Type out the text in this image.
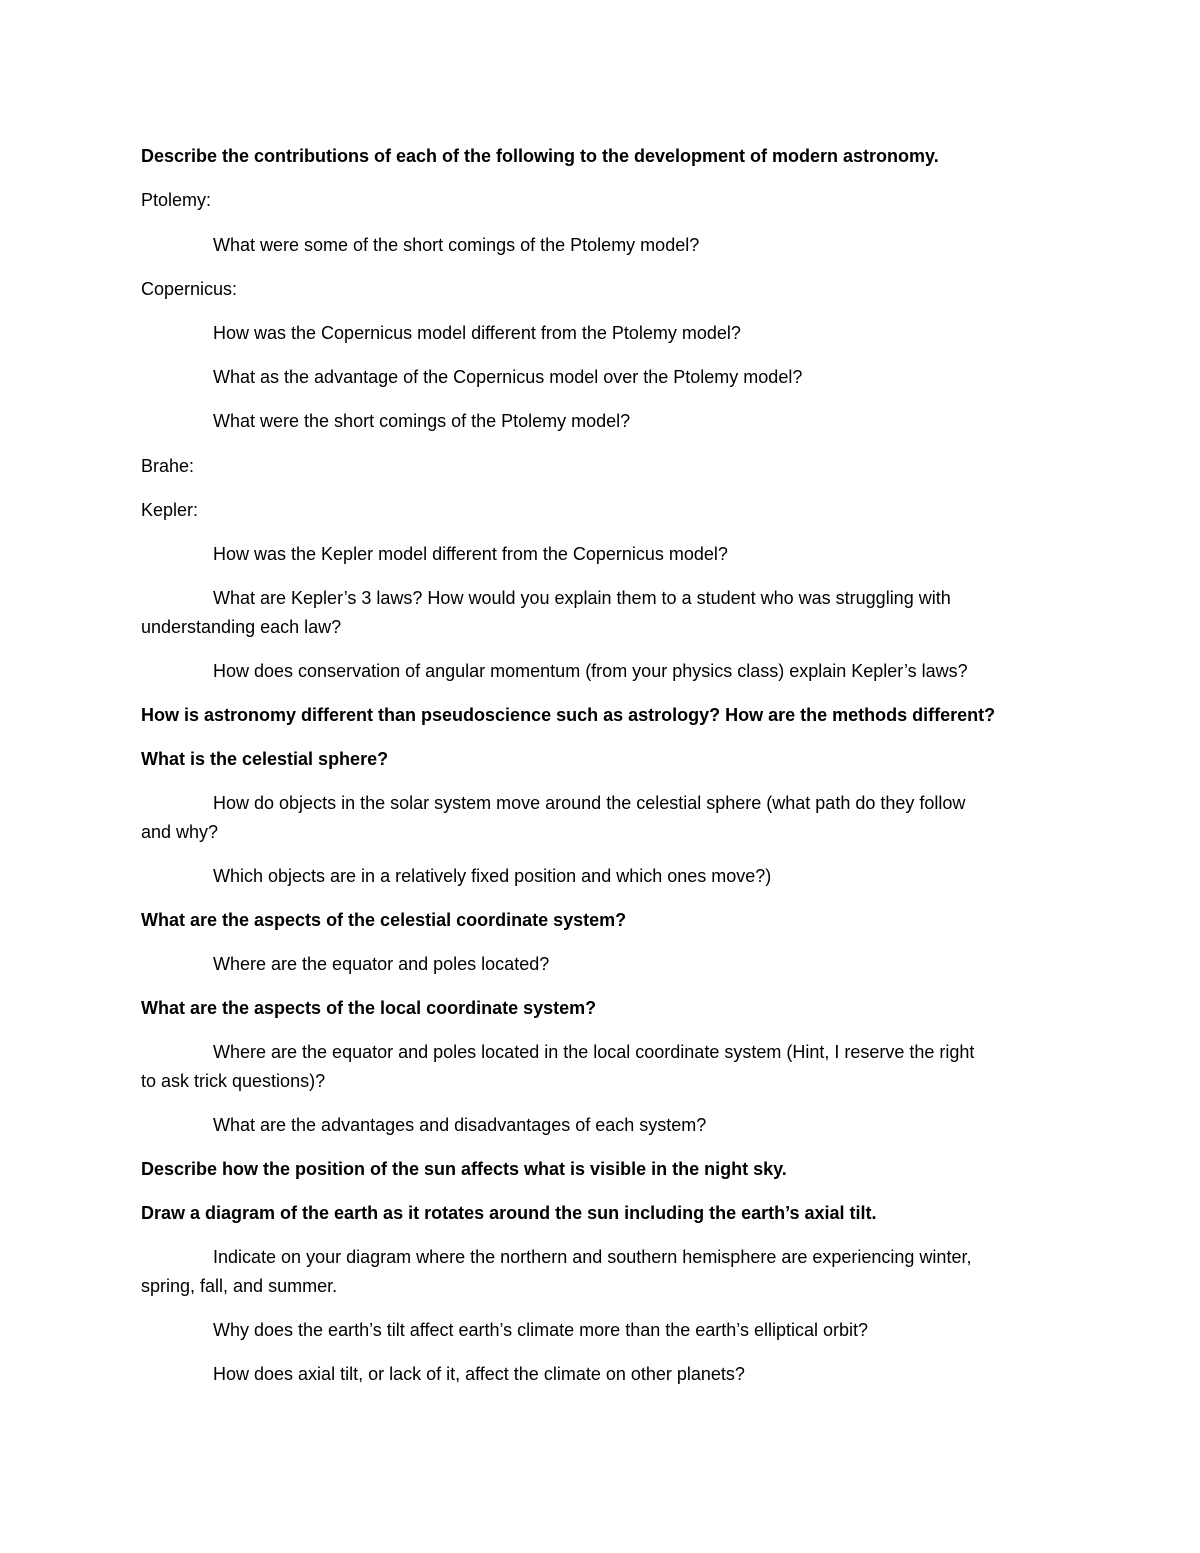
Describe the contributions of each of the following to the development of modern astronomy.

Ptolemy:

What were some of the short comings of the Ptolemy model?

Copernicus:

How was the Copernicus model different from the Ptolemy model?

What as the advantage of the Copernicus model over the Ptolemy model?

What were the short comings of the Ptolemy model?

Brahe:

Kepler:

How was the Kepler model different from the Copernicus model?

What are Kepler’s 3 laws? How would you explain them to a student who was struggling with

understanding each law?

How does conservation of angular momentum (from your physics class) explain Kepler’s laws?

How is astronomy different than pseudoscience such as astrology? How are the methods different?

What is the celestial sphere?

How do objects in the solar system move around the celestial sphere (what path do they follow

and why?

Which objects are in a relatively fixed position and which ones move?)

What are the aspects of the celestial coordinate system?

Where are the equator and poles located?

What are the aspects of the local coordinate system?

Where are the equator and poles located in the local coordinate system (Hint, I reserve the right

to ask trick questions)?

What are the advantages and disadvantages of each system?

Describe how the position of the sun affects what is visible in the night sky.

Draw a diagram of the earth as it rotates around the sun including the earth’s axial tilt.

Indicate on your diagram where the northern and southern hemisphere are experiencing winter,

spring, fall, and summer.

Why does the earth’s tilt affect earth’s climate more than the earth’s elliptical orbit?

How does axial tilt, or lack of it, affect the climate on other planets?
